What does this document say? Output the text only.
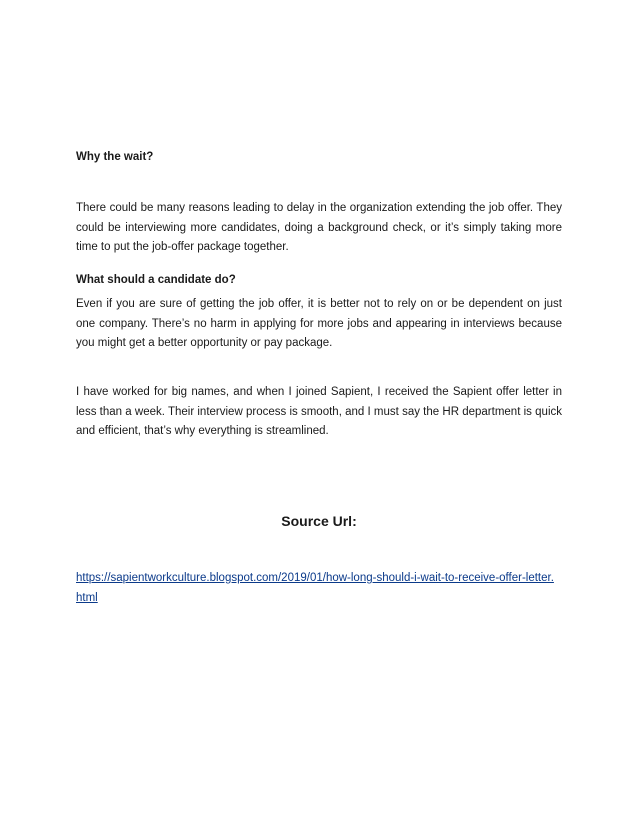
Why the wait?

There could be many reasons leading to delay in the organization extending the job offer. They could be interviewing more candidates, doing a background check, or it’s simply taking more time to put the job-offer package together.

What should a candidate do?

Even if you are sure of getting the job offer, it is better not to rely on or be dependent on just one company. There’s no harm in applying for more jobs and appearing in interviews because you might get a better opportunity or pay package.

I have worked for big names, and when I joined Sapient, I received the Sapient offer letter in less than a week. Their interview process is smooth, and I must say the HR department is quick and efficient, that’s why everything is streamlined.

Source Url:

https://sapientworkculture.blogspot.com/2019/01/how-long-should-i-wait-to-receive-offer-letter.html
